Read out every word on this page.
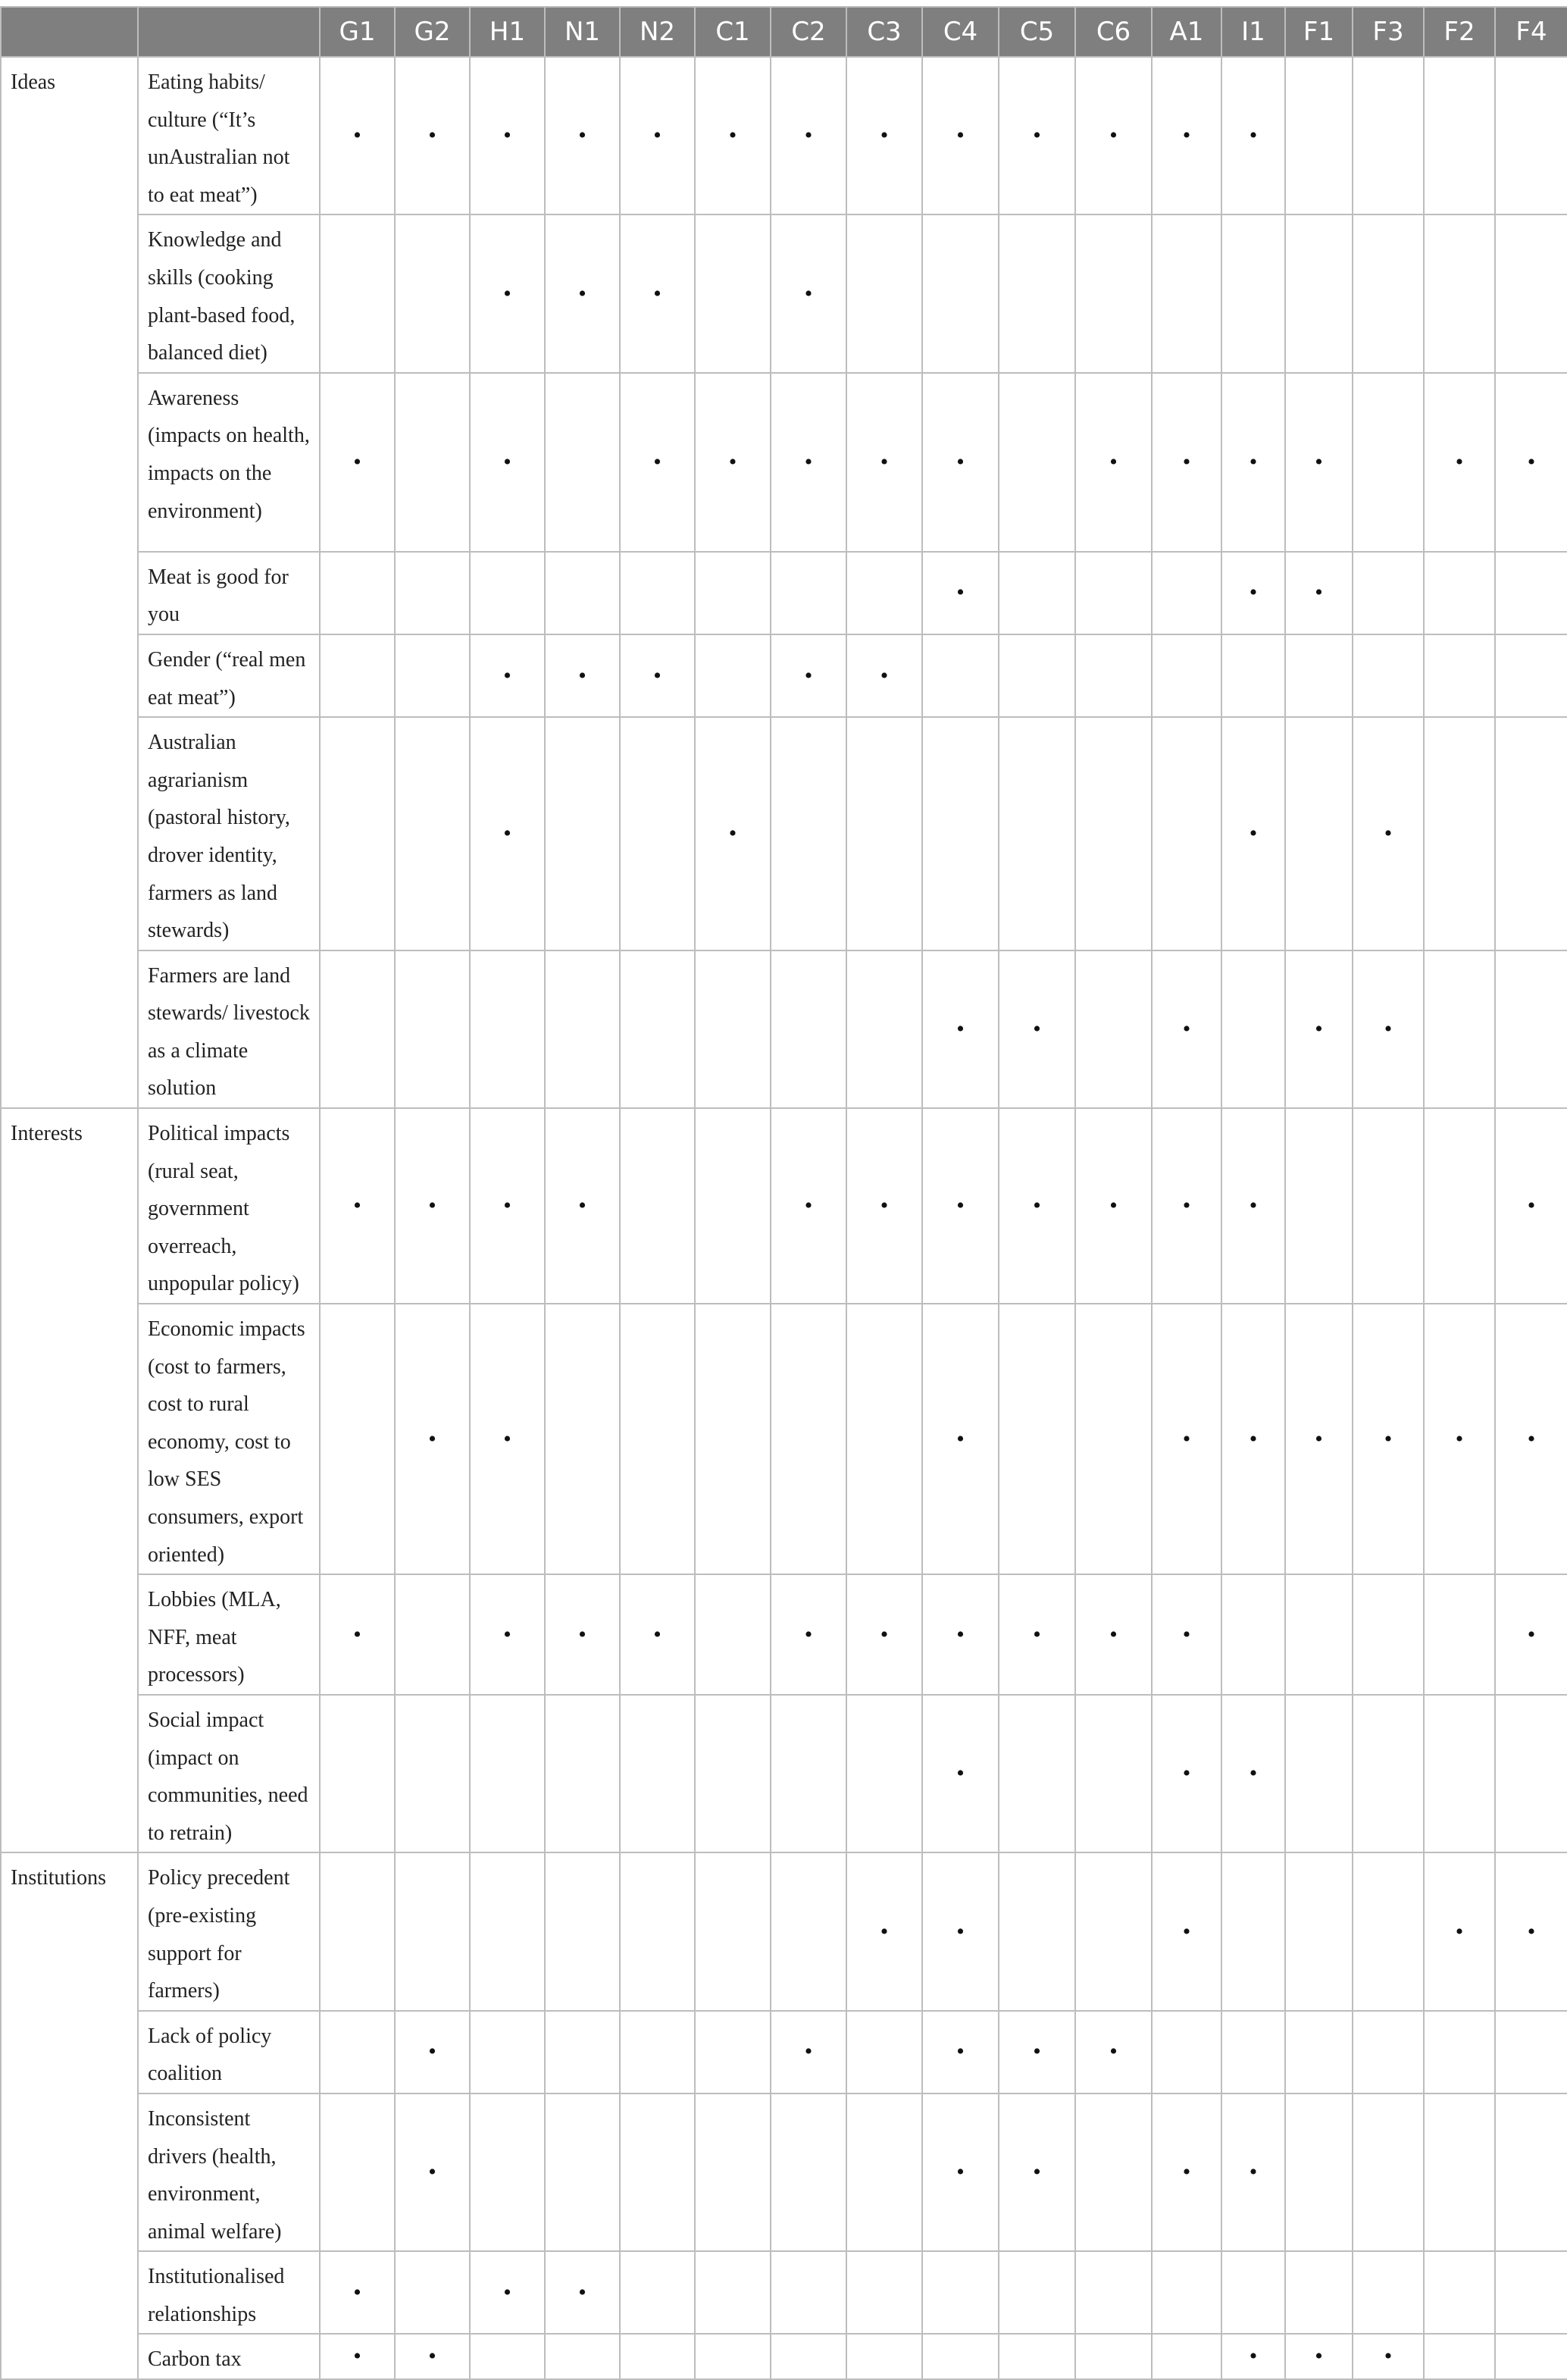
		G1	G2	H1	N1	N2	C1	C2	C3	C4	C5	C6	A1	I1	F1	F3	F2	F4
Ideas	Eating habits/ culture (“It’s unAustralian not to eat meat”)	•	•	•	•	•	•	•	•	•	•	•	•	•				
	Knowledge and skills (cooking plant-based food, balanced diet)			•	•	•		•										
	Awareness (impacts on health, impacts on the environment)	•		•		•	•	•	•	•		•	•	•	•		•	•
	Meat is good for you									•				•	•			
	Gender (“real men eat meat”)			•	•	•		•	•									
	Australian agrarianism (pastoral history, drover identity, farmers as land stewards)			•			•							•		•		
	Farmers are land stewards/ livestock as a climate solution									•	•		•		•	•		
Interests	Political impacts (rural seat, government overreach, unpopular policy)	•	•	•	•			•	•	•	•	•	•	•				•
	Economic impacts (cost to farmers, cost to rural economy, cost to low SES consumers, export oriented)		•	•						•			•	•	•	•	•	•
	Lobbies (MLA, NFF, meat processors)	•		•	•	•		•	•	•	•	•	•					•
	Social impact (impact on communities, need to retrain)									•			•	•				
Institutions	Policy precedent (pre-existing support for farmers)								•	•			•				•	•
	Lack of policy coalition		•					•		•	•	•						
	Inconsistent drivers (health, environment, animal welfare)		•							•	•		•	•				
	Institutionalised relationships	•		•	•													
	Carbon tax	•	•											•	•	•		
